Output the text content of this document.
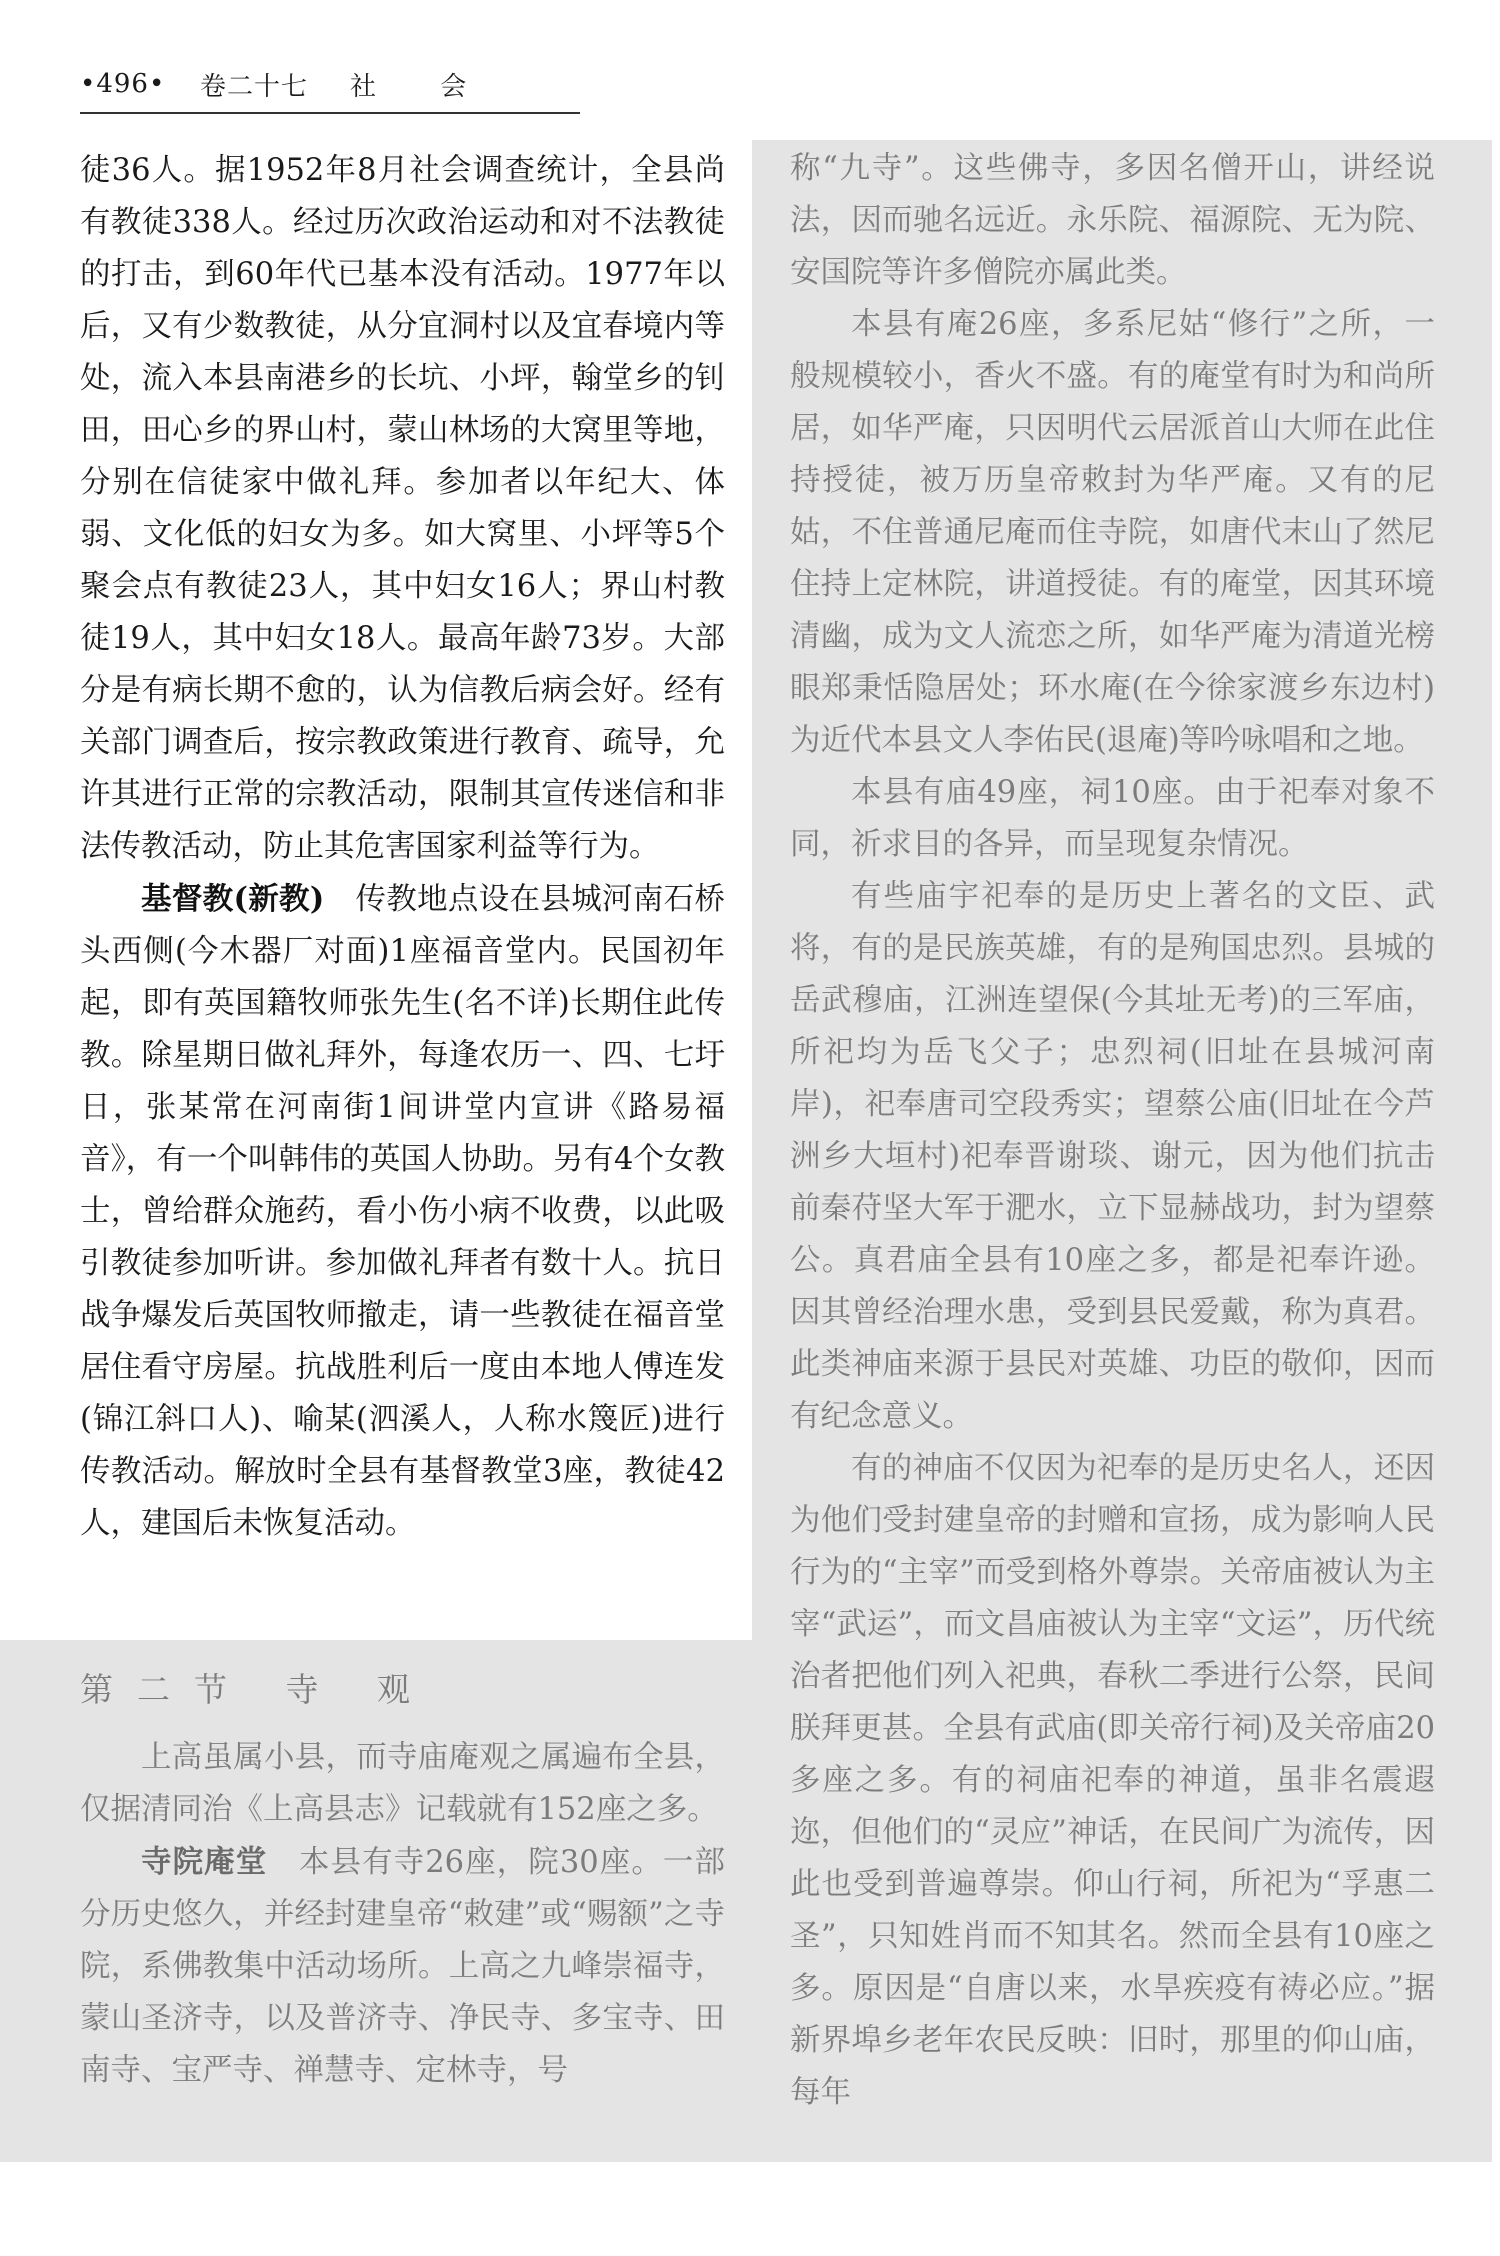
•496•	卷二十七	社 会

徒36人。据1952年8月社会调查统计，全县尚有教徒338人。经过历次政治运动和对不法教徒的打击，到60年代已基本没有活动。1977年以后，又有少数教徒，从分宜洞村以及宜春境内等处，流入本县南港乡的长坑、小坪，翰堂乡的钊田，田心乡的界山村，蒙山林场的大窝里等地，分别在信徒家中做礼拜。参加者以年纪大、体弱、文化低的妇女为多。如大窝里、小坪等5个聚会点有教徒23人，其中妇女16人；界山村教徒19人，其中妇女18人。最高年龄73岁。大部分是有病长期不愈的，认为信教后病会好。经有关部门调查后，按宗教政策进行教育、疏导，允许其进行正常的宗教活动，限制其宣传迷信和非法传教活动，防止其危害国家利益等行为。

基督教(新教)　传教地点设在县城河南石桥头西侧(今木器厂对面)1座福音堂内。民国初年起，即有英国籍牧师张先生(名不详)长期住此传教。除星期日做礼拜外，每逢农历一、四、七圩日，张某常在河南街1间讲堂内宣讲《路易福音》，有一个叫韩伟的英国人协助。另有4个女教士，曾给群众施药，看小伤小病不收费，以此吸引教徒参加听讲。参加做礼拜者有数十人。抗日战争爆发后英国牧师撤走，请一些教徒在福音堂居住看守房屋。抗战胜利后一度由本地人傅连发(锦江斜口人)、喻某(泗溪人，人称水篾匠)进行传教活动。解放时全县有基督教堂3座，教徒42人，建国后未恢复活动。

第二节 寺 观

上高虽属小县，而寺庙庵观之属遍布全县，仅据清同治《上高县志》记载就有152座之多。

寺院庵堂　本县有寺26座，院30座。一部分历史悠久，并经封建皇帝“敕建”或“赐额”之寺院，系佛教集中活动场所。上高之九峰崇福寺，蒙山圣济寺，以及普济寺、净民寺、多宝寺、田南寺、宝严寺、禅慧寺、定林寺，号

称“九寺”。这些佛寺，多因名僧开山，讲经说法，因而驰名远近。永乐院、福源院、无为院、安国院等许多僧院亦属此类。

本县有庵26座，多系尼姑“修行”之所，一般规模较小，香火不盛。有的庵堂有时为和尚所居，如华严庵，只因明代云居派首山大师在此住持授徒，被万历皇帝敕封为华严庵。又有的尼姑，不住普通尼庵而住寺院，如唐代末山了然尼住持上定林院，讲道授徒。有的庵堂，因其环境清幽，成为文人流恋之所，如华严庵为清道光榜眼郑秉恬隐居处；环水庵(在今徐家渡乡东边村)为近代本县文人李佑民(退庵)等吟咏唱和之地。

本县有庙49座，祠10座。由于祀奉对象不同，祈求目的各异，而呈现复杂情况。

有些庙宇祀奉的是历史上著名的文臣、武将，有的是民族英雄，有的是殉国忠烈。县城的岳武穆庙，江洲连望保(今其址无考)的三军庙，所祀均为岳飞父子；忠烈祠(旧址在县城河南岸)，祀奉唐司空段秀实；望蔡公庙(旧址在今芦洲乡大垣村)祀奉晋谢琰、谢元，因为他们抗击前秦苻坚大军于淝水，立下显赫战功，封为望蔡公。真君庙全县有10座之多，都是祀奉许逊。因其曾经治理水患，受到县民爱戴，称为真君。此类神庙来源于县民对英雄、功臣的敬仰，因而有纪念意义。

有的神庙不仅因为祀奉的是历史名人，还因为他们受封建皇帝的封赠和宣扬，成为影响人民行为的“主宰”而受到格外尊崇。关帝庙被认为主宰“武运”，而文昌庙被认为主宰“文运”，历代统治者把他们列入祀典，春秋二季进行公祭，民间朕拜更甚。全县有武庙(即关帝行祠)及关帝庙20多座之多。有的祠庙祀奉的神道，虽非名震遐迩，但他们的“灵应”神话，在民间广为流传，因此也受到普遍尊崇。仰山行祠，所祀为“孚惠二圣”，只知姓肖而不知其名。然而全县有10座之多。原因是“自唐以来，水旱疾疫有祷必应。”据新界埠乡老年农民反映：旧时，那里的仰山庙，每年
